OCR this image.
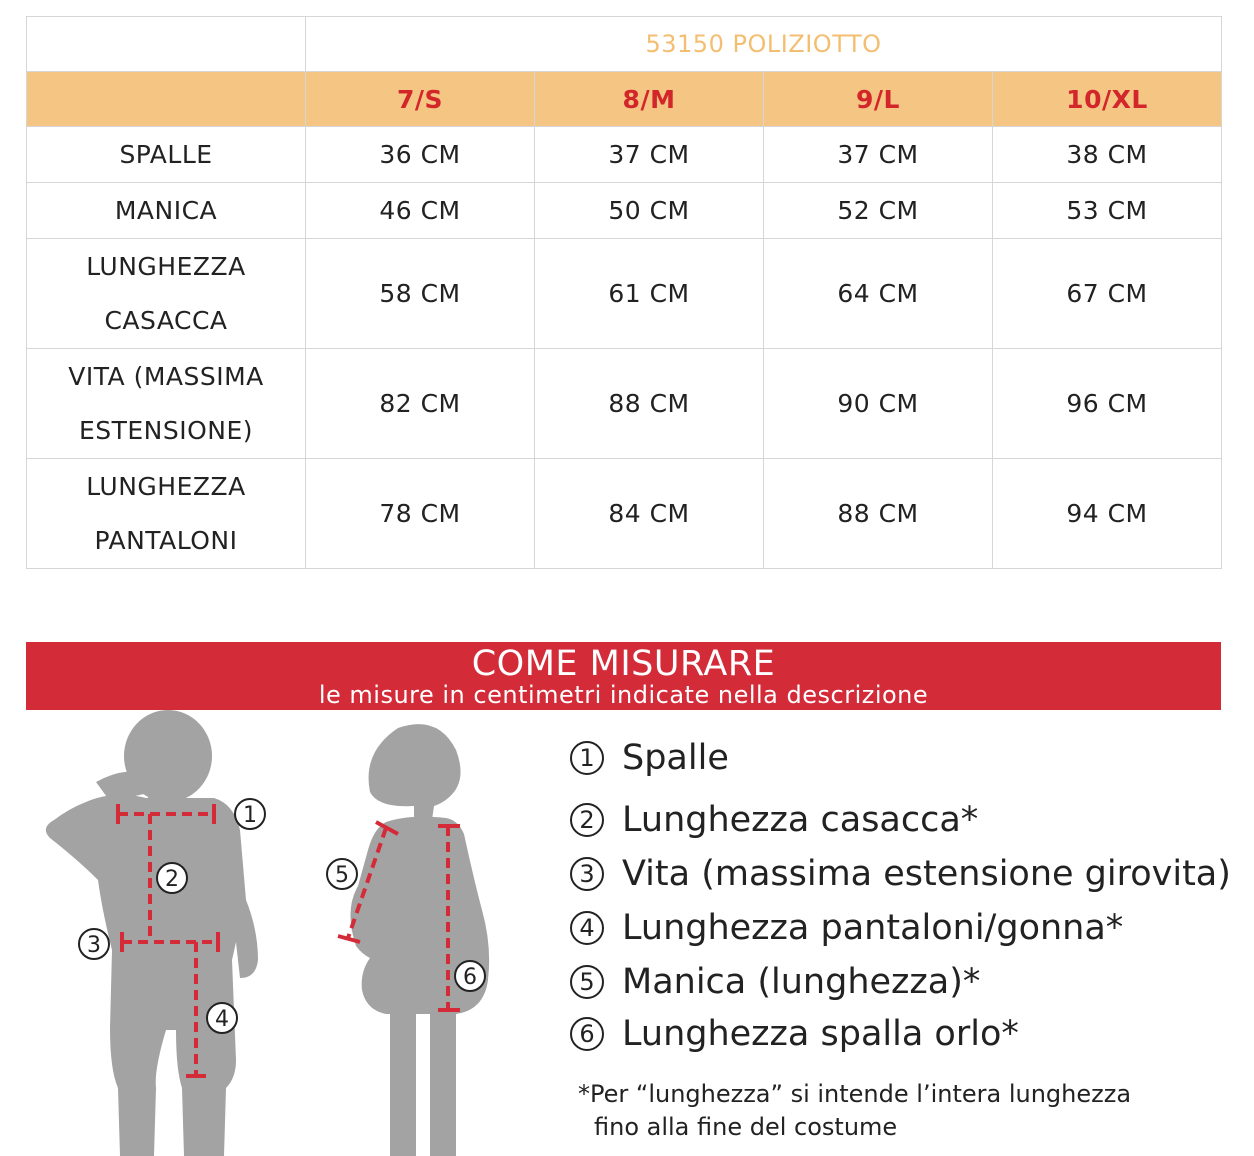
	53150 POLIZIOTTO			
	7/S	8/M	9/L	10/XL

SPALLE	36 CM	37 CM	37 CM	38 CM

MANICA	46 CM	50 CM	52 CM	53 CM

LUNGHEZZA
CASACCA	58 CM	61 CM	64 CM	67 CM

VITA (MASSIMA
ESTENSIONE)	82 CM	88 CM	90 CM	96 CM

LUNGHEZZA
PANTALONI	78 CM	84 CM	88 CM	94 CM
COME MISURARE
le misure in centimetri indicate nella descrizione
1
2
3
4
5
6
1 Spalle
2 Lunghezza casacca*
3 Vita (massima estensione girovita)
4 Lunghezza pantaloni/gonna*
5 Manica (lunghezza)*
6 Lunghezza spalla orlo*
*Per “lunghezza” si intende l’intera lunghezza
fino alla fine del costume
